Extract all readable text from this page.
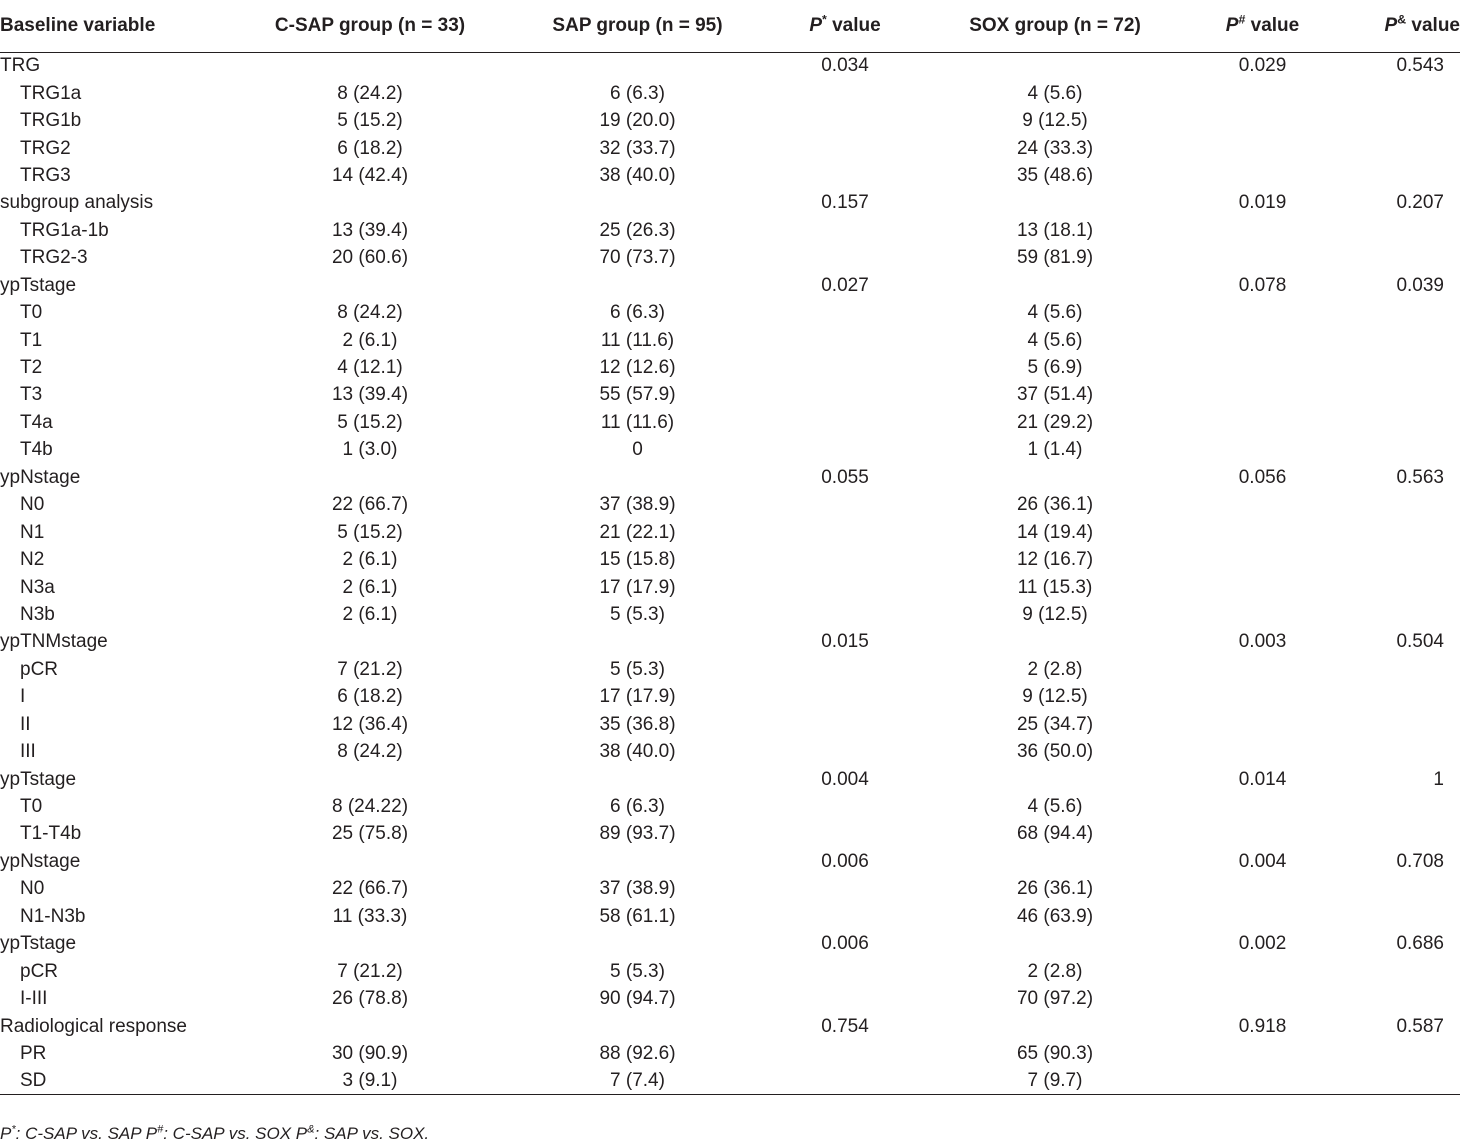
Baseline variable	C-SAP group (n = 33)	SAP group (n = 95)	P* value	SOX group (n = 72)	P# value	P& value
TRG			0.034		0.029	0.543
TRG1a	8 (24.2)	6 (6.3)		4 (5.6)		
TRG1b	5 (15.2)	19 (20.0)		9 (12.5)		
TRG2	6 (18.2)	32 (33.7)		24 (33.3)		
TRG3	14 (42.4)	38 (40.0)		35 (48.6)		
subgroup analysis			0.157		0.019	0.207
TRG1a-1b	13 (39.4)	25 (26.3)		13 (18.1)		
TRG2-3	20 (60.6)	70 (73.7)		59 (81.9)		
ypTstage			0.027		0.078	0.039
T0	8 (24.2)	6 (6.3)		4 (5.6)		
T1	2 (6.1)	11 (11.6)		4 (5.6)		
T2	4 (12.1)	12 (12.6)		5 (6.9)		
T3	13 (39.4)	55 (57.9)		37 (51.4)		
T4a	5 (15.2)	11 (11.6)		21 (29.2)		
T4b	1 (3.0)	0		1 (1.4)		
ypNstage			0.055		0.056	0.563
N0	22 (66.7)	37 (38.9)		26 (36.1)		
N1	5 (15.2)	21 (22.1)		14 (19.4)		
N2	2 (6.1)	15 (15.8)		12 (16.7)		
N3a	2 (6.1)	17 (17.9)		11 (15.3)		
N3b	2 (6.1)	5 (5.3)		9 (12.5)		
ypTNMstage			0.015		0.003	0.504
pCR	7 (21.2)	5 (5.3)		2 (2.8)		
I	6 (18.2)	17 (17.9)		9 (12.5)		
II	12 (36.4)	35 (36.8)		25 (34.7)		
III	8 (24.2)	38 (40.0)		36 (50.0)		
ypTstage			0.004		0.014	1
T0	8 (24.22)	6 (6.3)		4 (5.6)		
T1-T4b	25 (75.8)	89 (93.7)		68 (94.4)		
ypNstage			0.006		0.004	0.708
N0	22 (66.7)	37 (38.9)		26 (36.1)		
N1-N3b	11 (33.3)	58 (61.1)		46 (63.9)		
ypTstage			0.006		0.002	0.686
pCR	7 (21.2)	5 (5.3)		2 (2.8)		
I-III	26 (78.8)	90 (94.7)		70 (97.2)		
Radiological response			0.754		0.918	0.587
PR	30 (90.9)	88 (92.6)		65 (90.3)		
SD	3 (9.1)	7 (7.4)		7 (9.7)		
P*: C-SAP vs. SAP P#: C-SAP vs. SOX P&: SAP vs. SOX.
